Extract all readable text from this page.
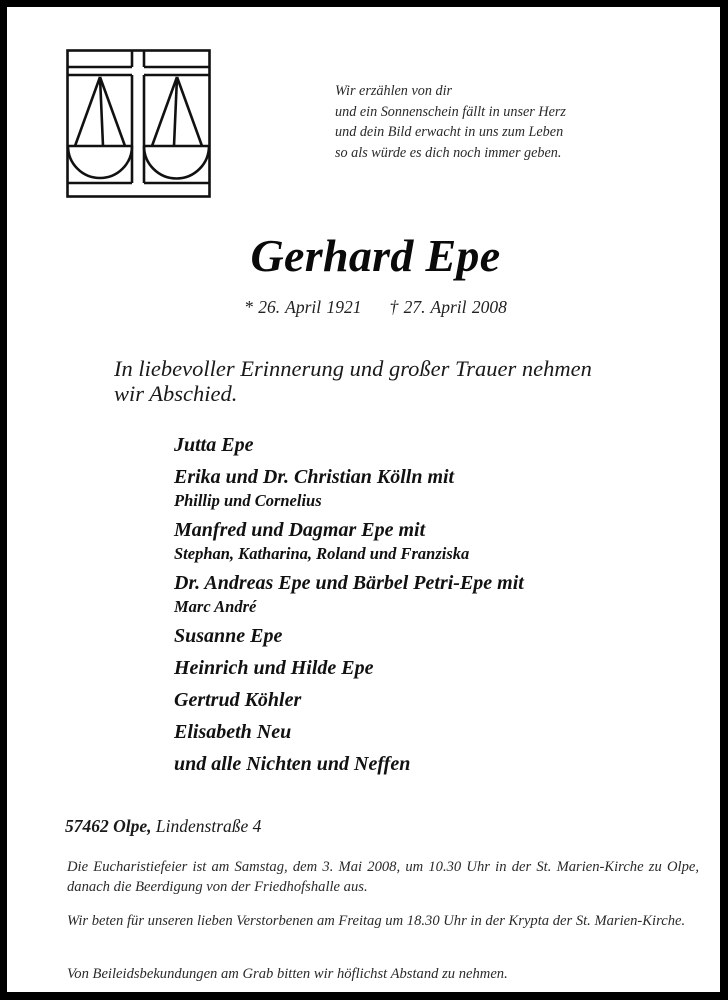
Wir erzählen von dir
und ein Sonnenschein fällt in unser Herz
und dein Bild erwacht in uns zum Leben
so als würde es dich noch immer geben.
Gerhard Epe
* 26. April 1921 † 27. April 2008
In liebevoller Erinnerung und großer Trauer nehmen
wir Abschied.
Jutta Epe
Erika und Dr. Christian Kölln mit
Phillip und Cornelius
Manfred und Dagmar Epe mit
Stephan, Katharina, Roland und Franziska
Dr. Andreas Epe und Bärbel Petri-Epe mit
Marc André
Susanne Epe
Heinrich und Hilde Epe
Gertrud Köhler
Elisabeth Neu
und alle Nichten und Neffen
57462 Olpe, Lindenstraße 4
Die Eucharistiefeier ist am Samstag, dem 3. Mai 2008, um 10.30 Uhr in der St. Marien-Kirche zu Olpe, danach die Beerdigung von der Friedhofshalle aus.
Wir beten für unseren lieben Verstorbenen am Freitag um 18.30 Uhr in der Krypta der St. Marien-Kirche.
Von Beileidsbekundungen am Grab bitten wir höflichst Abstand zu nehmen.
